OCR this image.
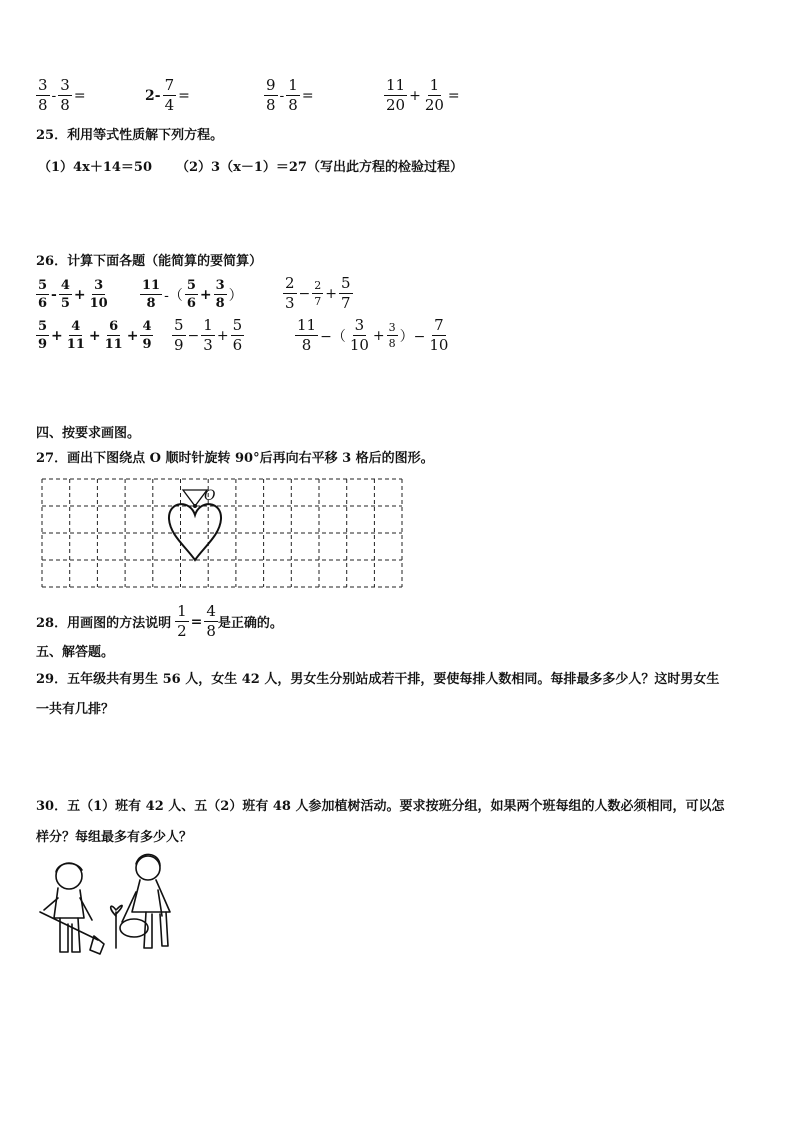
$\frac{3}{8} - \frac{3}{8}$ =	$2- \frac{7}{4}$ =	$\frac{9}{8} - \frac{1}{8}$ =	$\frac{11}{20} + \frac{1}{20}$ =
25．利用等式性质解下列方程。
（1）4x＋14＝50 （2）3（x－1）＝27（写出此方程的检验过程）
26．计算下面各题（能简算的要简算）
$\frac{5}{6} - \frac{4}{5} + \frac{3}{10} \frac{11}{8}$ -（ $\frac{5}{6} + \frac{3}{8}$ ）	$\frac{2}{3} - \frac{2}{7} + \frac{5}{7}$
$\frac{5}{9} + \frac{4}{11} + \frac{6}{11} + \frac{4}{9} \frac{5}{9} - \frac{1}{3} + \frac{5}{6}$	$\frac{11}{8}$ −（ $\frac{3}{10} + \frac{3}{8}$ ）− $\frac{7}{10}$
四、按要求画图。
27．画出下图绕点 O 顺时针旋转 90°后再向右平移 3 格后的图形。
O
28．用画图的方法说明 $\frac{1}{2} = \frac{4}{8}$ 是正确的。
五、解答题。
29．五年级共有男生 56 人，女生 42 人，男女生分别站成若干排，要使每排人数相同。每排最多多少人？这时男女生
一共有几排？
30．五（1）班有 42 人、五（2）班有 48 人参加植树活动。要求按班分组，如果两个班每组的人数必须相同，可以怎
样分？每组最多有多少人？
